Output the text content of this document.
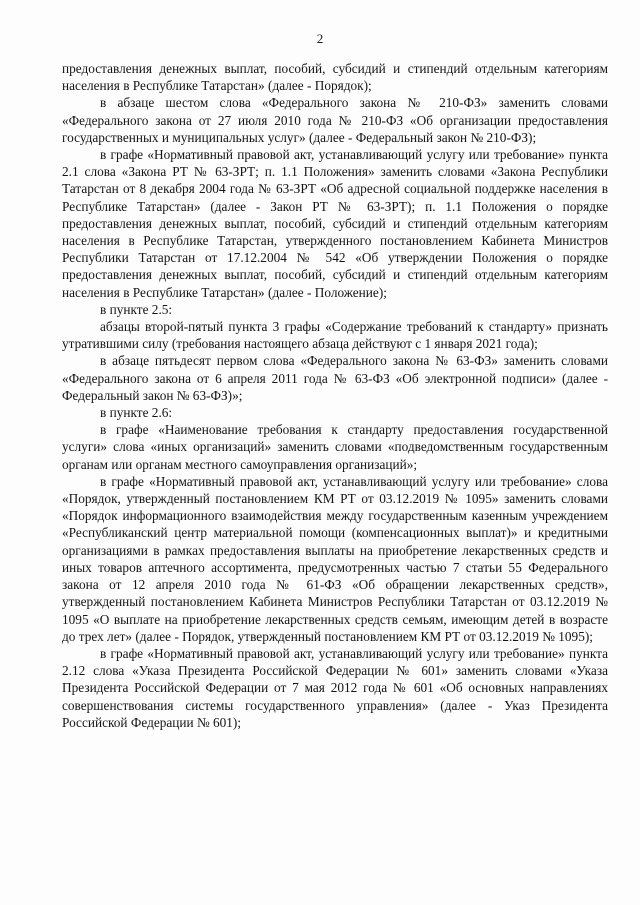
2

предоставления денежных выплат, пособий, субсидий и стипендий отдельным категориям населения в Республике Татарстан» (далее - Порядок);

в абзаце шестом слова «Федерального закона № 210-ФЗ» заменить словами «Федерального закона от 27 июля 2010 года № 210-ФЗ «Об организации предоставления государственных и муниципальных услуг» (далее - Федеральный закон № 210-ФЗ);

в графе «Нормативный правовой акт, устанавливающий услугу или требование» пункта 2.1 слова «Закона РТ № 63-ЗРТ; п. 1.1 Положения» заменить словами «Закона Республики Татарстан от 8 декабря 2004 года № 63-ЗРТ «Об адресной социальной поддержке населения в Республике Татарстан» (далее - Закон РТ № 63-ЗРТ); п. 1.1 Положения о порядке предоставления денежных выплат, пособий, субсидий и стипендий отдельным категориям населения в Республике Татарстан, утвержденного постановлением Кабинета Министров Республики Татарстан от 17.12.2004 № 542 «Об утверждении Положения о порядке предоставления денежных выплат, пособий, субсидий и стипендий отдельным категориям населения в Республике Татарстан» (далее - Положение);

в пункте 2.5:

абзацы второй-пятый пункта 3 графы «Содержание требований к стандарту» признать утратившими силу (требования настоящего абзаца действуют с 1 января 2021 года);

в абзаце пятьдесят первом слова «Федерального закона № 63-ФЗ» заменить словами «Федерального закона от 6 апреля 2011 года № 63-ФЗ «Об электронной подписи» (далее - Федеральный закон № 63-ФЗ)»;

в пункте 2.6:

в графе «Наименование требования к стандарту предоставления государственной услуги» слова «иных организаций» заменить словами «подведомственным государственным органам или органам местного самоуправления организаций»;

в графе «Нормативный правовой акт, устанавливающий услугу или требование» слова «Порядок, утвержденный постановлением КМ РТ от 03.12.2019 № 1095» заменить словами «Порядок информационного взаимодействия между государственным казенным учреждением «Республиканский центр материальной помощи (компенсационных выплат)» и кредитными организациями в рамках предоставления выплаты на приобретение лекарственных средств и иных товаров аптечного ассортимента, предусмотренных частью 7 статьи 55 Федерального закона от 12 апреля 2010 года № 61-ФЗ «Об обращении лекарственных средств», утвержденный постановлением Кабинета Министров Республики Татарстан от 03.12.2019 № 1095 «О выплате на приобретение лекарственных средств семьям, имеющим детей в возрасте до трех лет» (далее - Порядок, утвержденный постановлением КМ РТ от 03.12.2019 № 1095);

в графе «Нормативный правовой акт, устанавливающий услугу или требование» пункта 2.12 слова «Указа Президента Российской Федерации № 601» заменить словами «Указа Президента Российской Федерации от 7 мая 2012 года № 601 «Об основных направлениях совершенствования системы государственного управления» (далее - Указ Президента Российской Федерации № 601);
